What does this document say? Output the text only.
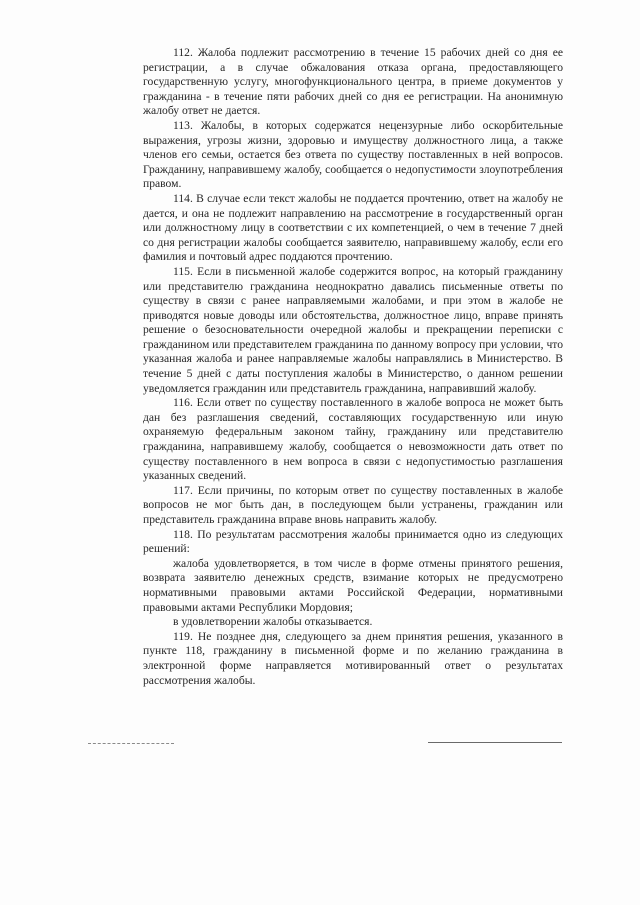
112. Жалоба подлежит рассмотрению в течение 15 рабочих дней со дня ее регистрации, а в случае обжалования отказа органа, предоставляющего государственную услугу, многофункционального центра, в приеме документов у гражданина - в течение пяти рабочих дней со дня ее регистрации. На анонимную жалобу ответ не дается.

113. Жалобы, в которых содержатся нецензурные либо оскорбительные выражения, угрозы жизни, здоровью и имуществу должностного лица, а также членов его семьи, остается без ответа по существу поставленных в ней вопросов. Гражданину, направившему жалобу, сообщается о недопустимости злоупотребления правом.

114. В случае если текст жалобы не поддается прочтению, ответ на жалобу не дается, и она не подлежит направлению на рассмотрение в государственный орган или должностному лицу в соответствии с их компетенцией, о чем в течение 7 дней со дня регистрации жалобы сообщается заявителю, направившему жалобу, если его фамилия и почтовый адрес поддаются прочтению.

115. Если в письменной жалобе содержится вопрос, на который гражданину или представителю гражданина неоднократно давались письменные ответы по существу в связи с ранее направляемыми жалобами, и при этом в жалобе не приводятся новые доводы или обстоятельства, должностное лицо, вправе принять решение о безосновательности очередной жалобы и прекращении переписки с гражданином или представителем гражданина по данному вопросу при условии, что указанная жалоба и ранее направляемые жалобы направлялись в Министерство. В течение 5 дней с даты поступления жалобы в Министерство, о данном решении уведомляется гражданин или представитель гражданина, направивший жалобу.

116. Если ответ по существу поставленного в жалобе вопроса не может быть дан без разглашения сведений, составляющих государственную или иную охраняемую федеральным законом тайну, гражданину или представителю гражданина, направившему жалобу, сообщается о невозможности дать ответ по существу поставленного в нем вопроса в связи с недопустимостью разглашения указанных сведений.

117. Если причины, по которым ответ по существу поставленных в жалобе вопросов не мог быть дан, в последующем были устранены, гражданин или представитель гражданина вправе вновь направить жалобу.

118. По результатам рассмотрения жалобы принимается одно из следующих решений:

жалоба удовлетворяется, в том числе в форме отмены принятого решения, возврата заявителю денежных средств, взимание которых не предусмотрено нормативными правовыми актами Российской Федерации, нормативными правовыми актами Республики Мордовия;

в удовлетворении жалобы отказывается.

119. Не позднее дня, следующего за днем принятия решения, указанного в пункте 118, гражданину в письменной форме и по желанию гражданина в электронной форме направляется мотивированный ответ о результатах рассмотрения жалобы.
